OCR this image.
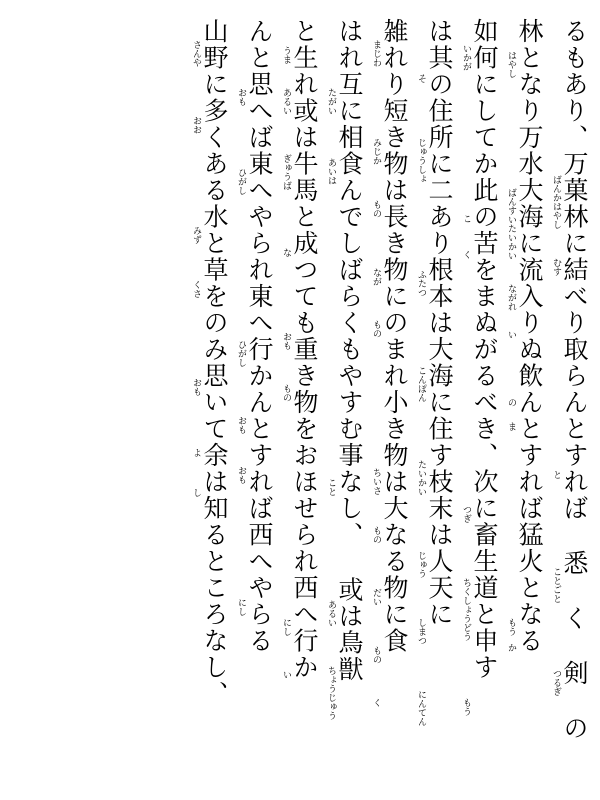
るもあり、万菓林に結べり取らんとすれば 悉 く 剣 の
ばんかはやし
むす
と
ことごと
つるぎ
林となり万水大海に流入りぬ飲んとすれば猛火となる
はやし
ばんすいたいかい
ながれ
い
の
ま
もう
か
如何にしてか此の苦をまぬがるべき、次に畜生道と申す
いかが
こ
く
つぎ
ちくしょうどう
もう
は其の住所に二あり根本は大海に住す枝末は人天に
そ
じゅうしょ
ふたつ
こんぽん
たいかい
じゅう
しまつ
にんてん
雑れり短き物は長き物にのまれ小き物は大なる物に食
まじわ
みじか
もの
なが
もの
ちいさ
もの
だい
もの
く
はれ互に相食んでしばらくもやすむ事なし、 或は鳥獣
たがい
あいは
こと
あるい
ちょうじゅう
と生れ或は牛馬と成つても重き物をおほせられ西へ行か
うま
あるい
ぎゅうば
な
おも
もの
にし
い
んと思へば東へやられ東へ行かんとすれば西へやらる
おも
ひがし
ひがし
おも
おも
にし
山野に多くある水と草をのみ思いて余は知るところなし、
さんや
おお
みず
くさ
おも
よ
し
